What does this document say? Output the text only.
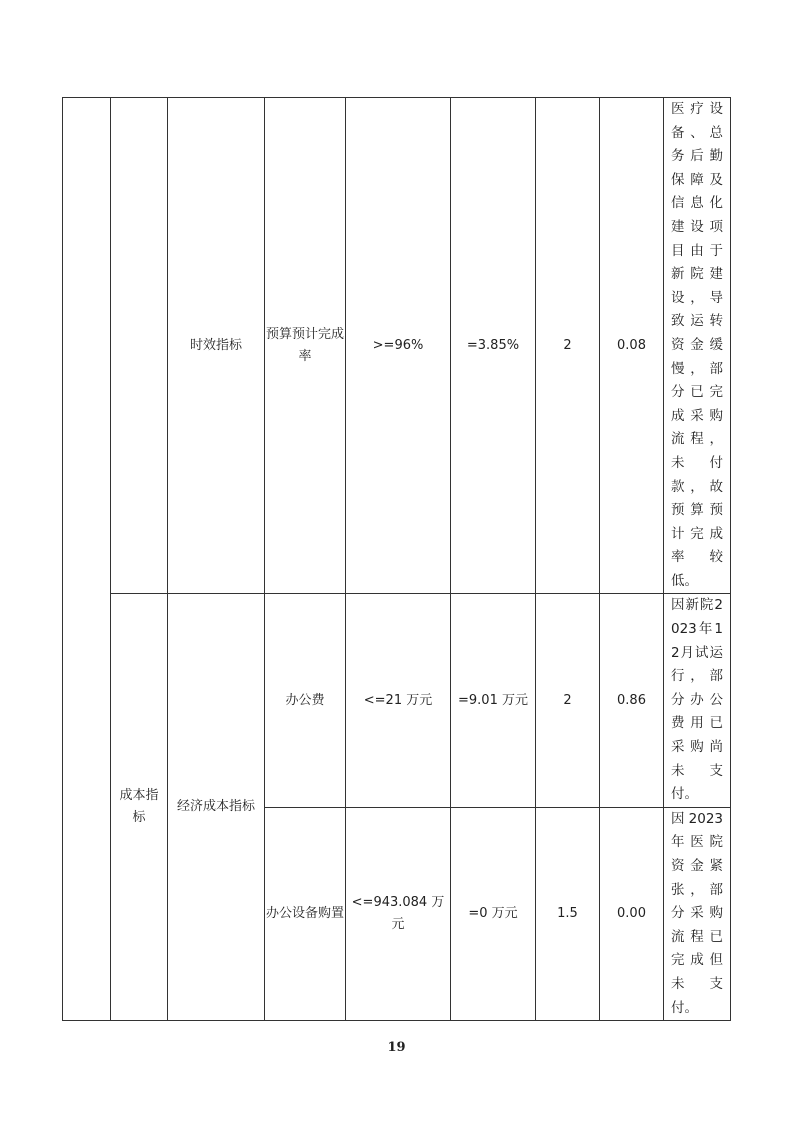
		时效指标	预算预计完成率	>=96%	=3.85%	2	0.08	医疗设备、总务后勤保障及信息化建设项目由于新院建设，导致运转资金缓慢，部分已完成采购流程，未付款，故预算预计完成率较低。

	成本指标	经济成本指标	办公费	<=21 万元	=9.01 万元	2	0.86	因新院2023年12月试运行，部分办公费用已采购尚未支付。

			办公设备购置	<=943.084 万元	=0 万元	1.5	0.00	因2023年医院资金紧张，部分采购流程已完成但未支付。
19
